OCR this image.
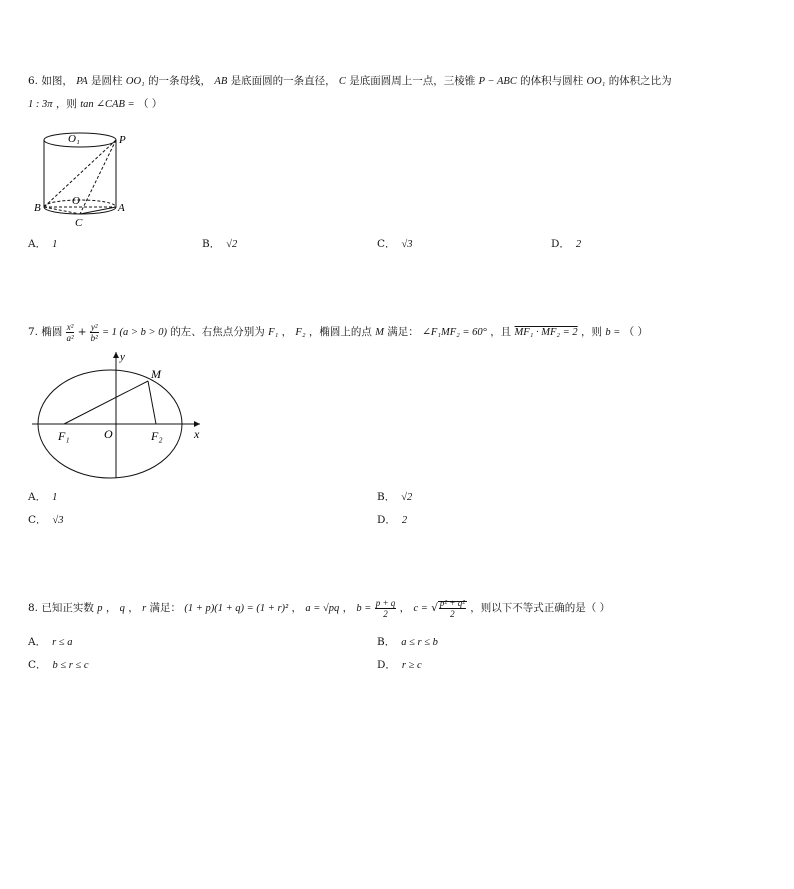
6. 如图， PA 是圆柱 OO₁ 的一条母线， AB 是底面圆的一条直径， C 是底面圆周上一点，三棱锥 P − ABC 的体积与圆柱 OO₁ 的体积之比为
1 : 3π ，则 tan ∠CAB = （ ）
O₁	P
O
B	A
C
A． 1	B． √2	C． √3	D． 2
7. 椭圆 $\frac{\text{x²}}{\text{a²}} + \frac{\text{y²}}{\text{b²}} = 1$ (a > b > 0) 的左、右焦点分别为 F₁ ， F₂ ，椭圆上的点 M 满足： ∠F₁MF₂ = 60° ，且 MF₁ · MF₂ = 2 ，则 b = （ ）
y
M
F₁	O	F₂	x
A． 1	B． √2
C． √3	D． 2
8. 已知正实数 p ， q ， r 满足： (1 + p)(1 + q) = (1 + r)² ， a = √pq ， $b = \frac{p + q}{2}$ ， c = √ $\frac{\text{p² + q²}}{2}$ ，则以下不等式正确的是（ ）
A． r ≤ a	B． a ≤ r ≤ b
C． b ≤ r ≤ c	D． r ≥ c
